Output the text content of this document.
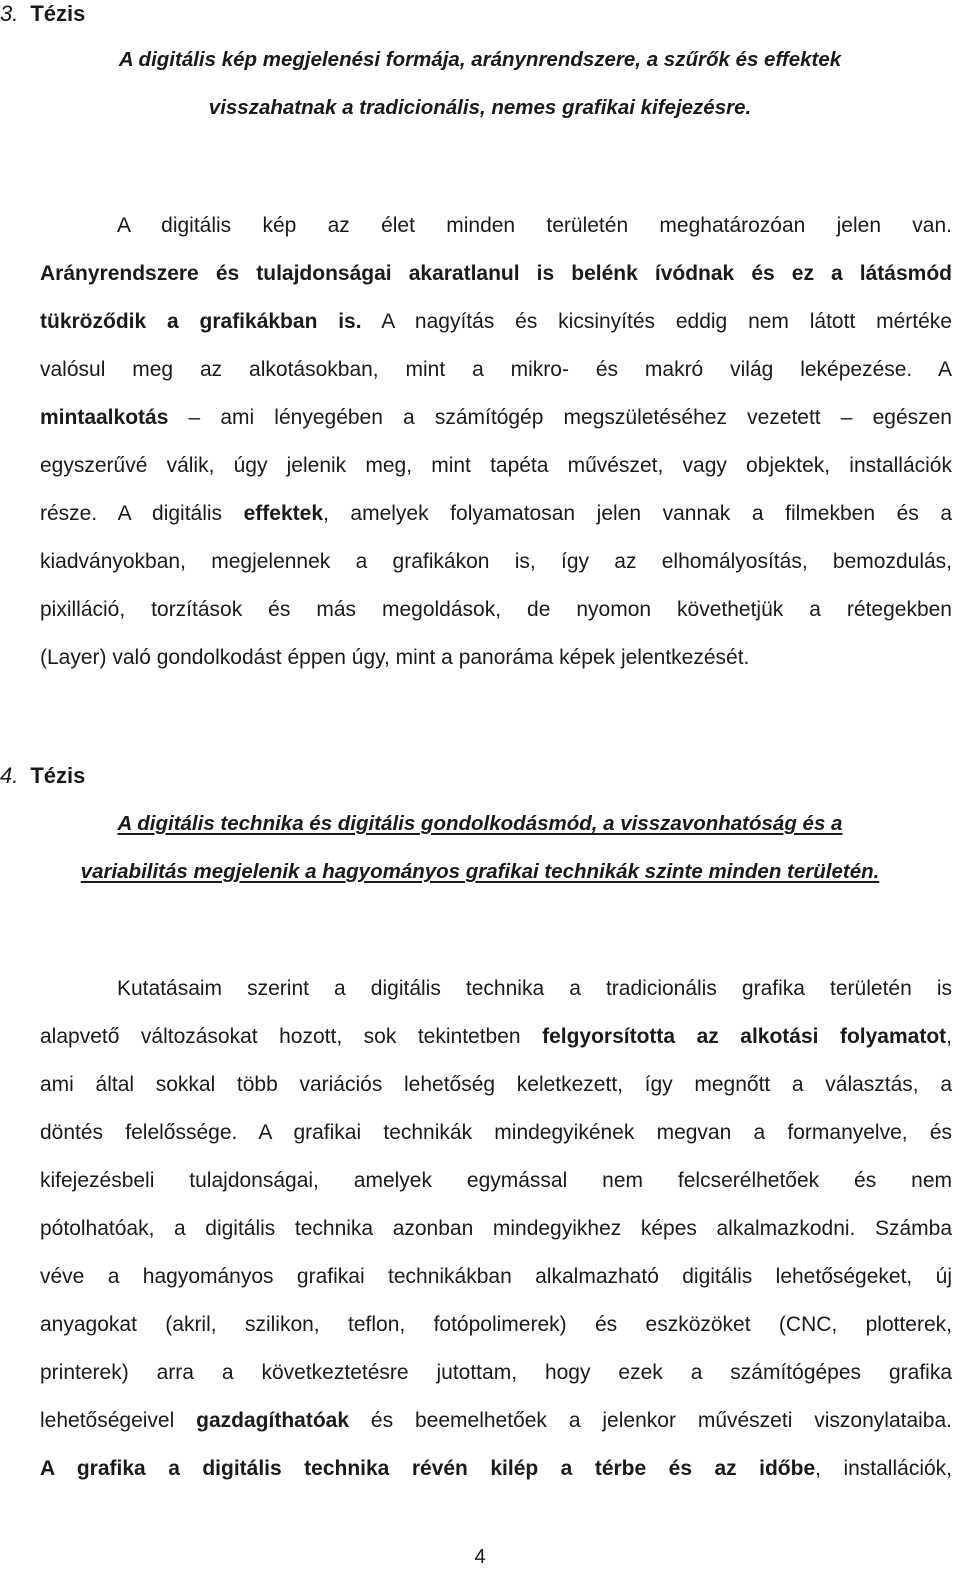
3. Tézis
A digitális kép megjelenési formája, aránynrendszere, a szűrők és effektek
visszahatnak a tradicionális, nemes grafikai kifejezésre.
A digitális kép az élet minden területén meghatározóan jelen van.
Arányrendszere és tulajdonságai akaratlanul is belénk ívódnak és ez a látásmód
tükröződik a grafikákban is. A nagyítás és kicsinyítés eddig nem látott mértéke
valósul meg az alkotásokban, mint a mikro- és makró világ leképezése. A
mintaalkotás – ami lényegében a számítógép megszületéséhez vezetett – egészen
egyszerűvé válik, úgy jelenik meg, mint tapéta művészet, vagy objektek, installációk
része. A digitális effektek, amelyek folyamatosan jelen vannak a filmekben és a
kiadványokban, megjelennek a grafikákon is, így az elhomályosítás, bemozdulás,
pixilláció, torzítások és más megoldások, de nyomon követhetjük a rétegekben
(Layer) való gondolkodást éppen úgy, mint a panoráma képek jelentkezését.
4. Tézis
A digitális technika és digitális gondolkodásmód, a visszavonhatóság és a
variabilitás megjelenik a hagyományos grafikai technikák szinte minden területén.
Kutatásaim szerint a digitális technika a tradicionális grafika területén is
alapvető változásokat hozott, sok tekintetben felgyorsította az alkotási folyamatot,
ami által sokkal több variációs lehetőség keletkezett, így megnőtt a választás, a
döntés felelőssége. A grafikai technikák mindegyikének megvan a formanyelve, és
kifejezésbeli tulajdonságai, amelyek egymással nem felcserélhetőek és nem
pótolhatóak, a digitális technika azonban mindegyikhez képes alkalmazkodni. Számba
véve a hagyományos grafikai technikákban alkalmazható digitális lehetőségeket, új
anyagokat (akril, szilikon, teflon, fotópolimerek) és eszközöket (CNC, plotterek,
printerek) arra a következtetésre jutottam, hogy ezek a számítógépes grafika
lehetőségeivel gazdagíthatóak és beemelhetőek a jelenkor művészeti viszonylataiba.
A grafika a digitális technika révén kilép a térbe és az időbe, installációk,
4
